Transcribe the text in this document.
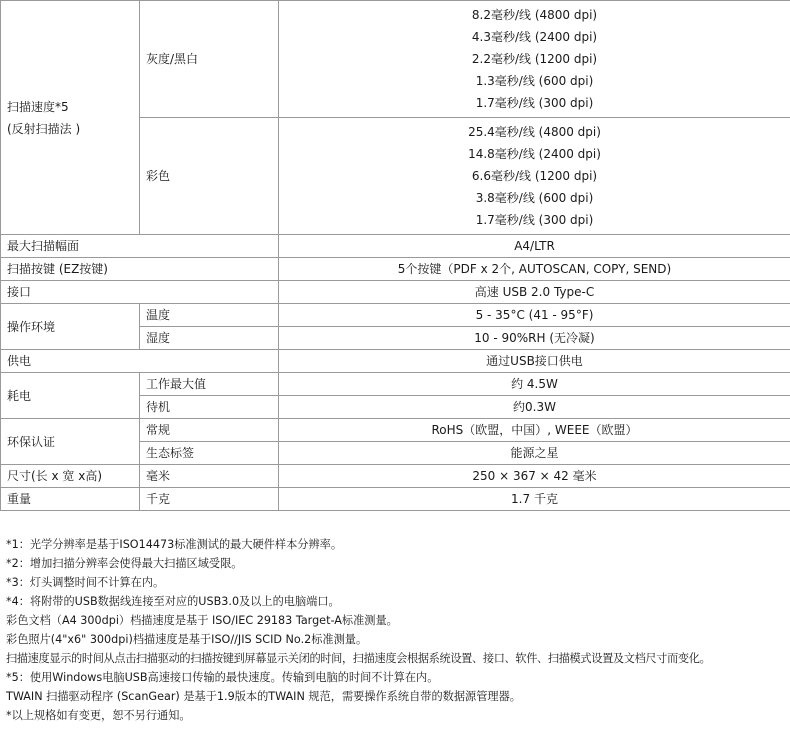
扫描速度*5
(反射扫描法 )	灰度/黑白	8.2毫秒/线 (4800 dpi)
4.3毫秒/线 (2400 dpi)
2.2毫秒/线 (1200 dpi)
1.3毫秒/线 (600 dpi)
1.7毫秒/线 (300 dpi)

	彩色	25.4毫秒/线 (4800 dpi)
14.8毫秒/线 (2400 dpi)
6.6毫秒/线 (1200 dpi)
3.8毫秒/线 (600 dpi)
1.7毫秒/线 (300 dpi)

最大扫描幅面		A4/LTR
扫描按键 (EZ按键)		5个按键（PDF x 2个, AUTOSCAN, COPY, SEND)
接口		高速 USB 2.0 Type-C
操作环境	温度	5 - 35°C (41 - 95°F)
	湿度	10 - 90%RH (无冷凝)
供电		通过USB接口供电
耗电	工作最大值	约 4.5W
	待机	约0.3W
环保认证	常规	RoHS（欧盟，中国）, WEEE（欧盟）
	生态标签	能源之星
尺寸(长 x 宽 x高)	毫米	250 × 367 × 42 毫米
重量	千克	1.7 千克
*1：光学分辨率是基于ISO14473标准测试的最大硬件样本分辨率。
*2：增加扫描分辨率会使得最大扫描区域受限。
*3：灯头调整时间不计算在内。
*4：将附带的USB数据线连接至对应的USB3.0及以上的电脑端口。
彩色文档（A4 300dpi）档描速度是基于 ISO/IEC 29183 Target-A标准测量。
彩色照片(4"x6" 300dpi)档描速度是基于ISO//JIS SCID No.2标准测量。
扫描速度显示的时间从点击扫描驱动的扫描按键到屏幕显示关闭的时间，扫描速度会根据系统设置、接口、软件、扫描模式设置及文档尺寸而变化。
*5：使用Windows电脑USB高速接口传输的最快速度。传输到电脑的时间不计算在内。
TWAIN 扫描驱动程序 (ScanGear) 是基于1.9版本的TWAIN 规范，需要操作系统自带的数据源管理器。
*以上规格如有变更，恕不另行通知。
